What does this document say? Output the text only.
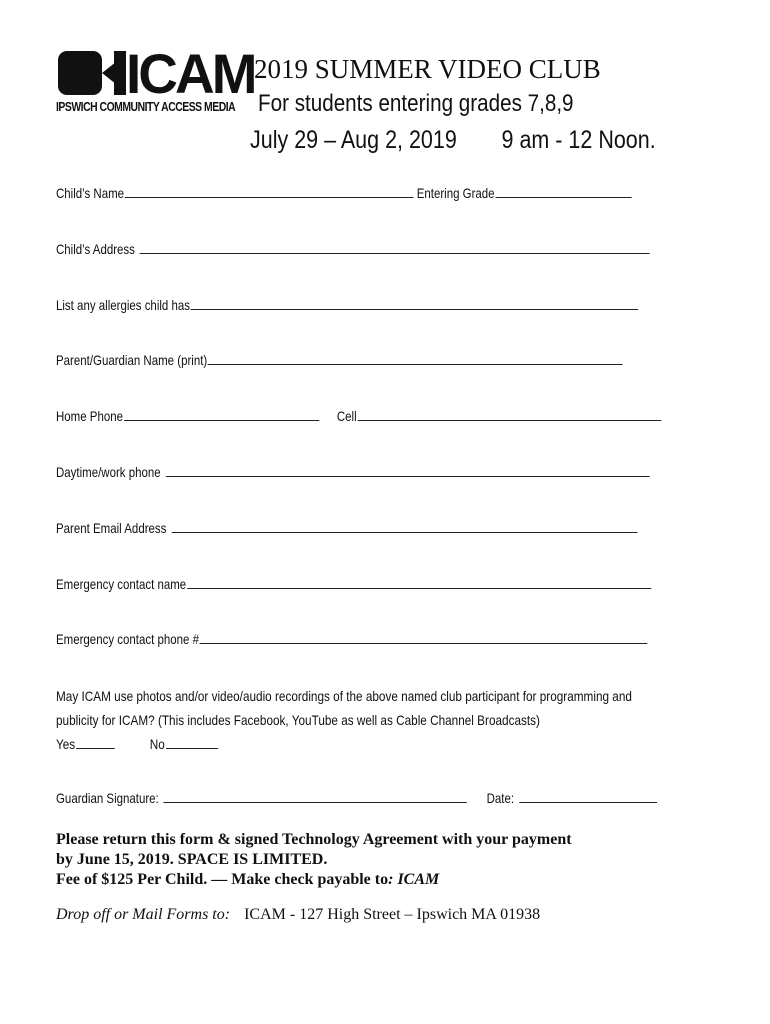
ICAM
IPSWICH COMMUNITY ACCESS MEDIA
2019 SUMMER VIDEO CLUB
For students entering grades 7,8,9
July 29 – Aug 2, 2019 9 am - 12 Noon.
Child’s Name	Entering Grade
Child’s Address
List any allergies child has
Parent/Guardian Name (print)
Home Phone	Cell
Daytime/work phone
Parent Email Address
Emergency contact name
Emergency contact phone #
May ICAM use photos and/or video/audio recordings of the above named club participant for programming and
publicity for ICAM? (This includes Facebook, YouTube as well as Cable Channel Broadcasts)
Yes	No
Guardian Signature:	Date:
Please return this form & signed Technology Agreement with your payment
by June 15, 2019. SPACE IS LIMITED.
Fee of $125 Per Child. — Make check payable to: ICAM
Drop off or Mail Forms to: ICAM - 127 High Street – Ipswich MA 01938
